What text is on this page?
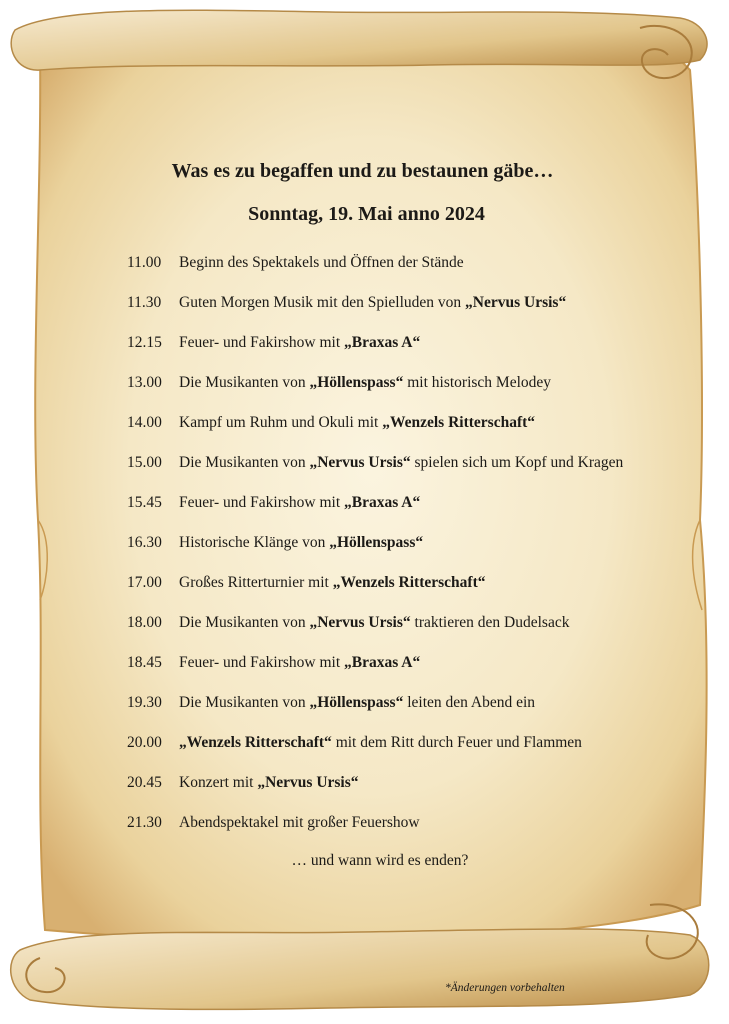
Was es zu begaffen und zu bestaunen gäbe…
Sonntag, 19. Mai anno 2024
11.00 Beginn des Spektakels und Öffnen der Stände
11.30 Guten Morgen Musik mit den Spielluden von „Nervus Ursis“
12.15 Feuer- und Fakirshow mit „Braxas A“
13.00 Die Musikanten von „Höllenspass“ mit historisch Melodey
14.00 Kampf um Ruhm und Okuli mit „Wenzels Ritterschaft“
15.00 Die Musikanten von „Nervus Ursis“ spielen sich um Kopf und Kragen
15.45 Feuer- und Fakirshow mit „Braxas A“
16.30 Historische Klänge von „Höllenspass“
17.00 Großes Ritterturnier mit „Wenzels Ritterschaft“
18.00 Die Musikanten von „Nervus Ursis“ traktieren den Dudelsack
18.45 Feuer- und Fakirshow mit „Braxas A“
19.30 Die Musikanten von „Höllenspass“ leiten den Abend ein
20.00 „Wenzels Ritterschaft“ mit dem Ritt durch Feuer und Flammen
20.45 Konzert mit „Nervus Ursis“
21.30 Abendspektakel mit großer Feuershow
… und wann wird es enden?
*Änderungen vorbehalten
